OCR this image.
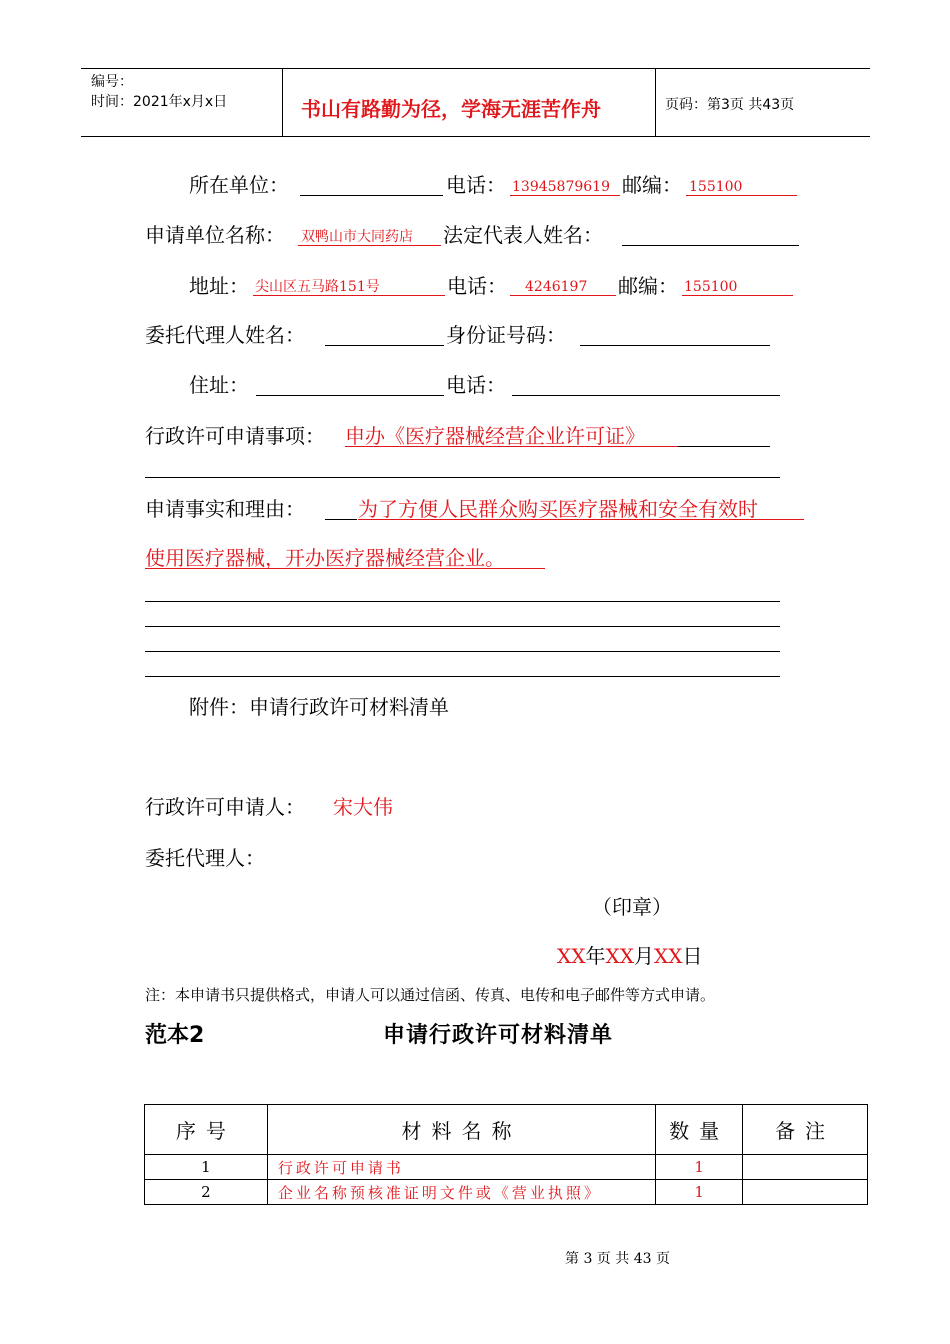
编号：
时间：2021年x月x日	书山有路勤为径，学海无涯苦作舟	页码：第3页 共43页
所在单位：	电话： 13945879619 邮编： 155100
申请单位名称： 双鸭山市大同药店 法定代表人姓名：
地址： 尖山区五马路151号	电话： 4246197 邮编： 155100
委托代理人姓名：	身份证号码：
住址：	电话：
行政许可申请事项： 申办《医疗器械经营企业许可证》
申请事实和理由：	为了方便人民群众购买医疗器械和安全有效时
使用医疗器械，开办医疗器械经营企业。
附件：申请行政许可材料清单
行政许可申请人： 宋大伟
委托代理人：
（印章）
XX年XX月XX日
注：本申请书只提供格式，申请人可以通过信函、传真、电传和电子邮件等方式申请。
范本2	申请行政许可材料清单
序号	材料名称	数量	备注
1	行政许可申请书	1	
2	企业名称预核准证明文件或《营业执照》	1	
第 3 页 共 43 页
